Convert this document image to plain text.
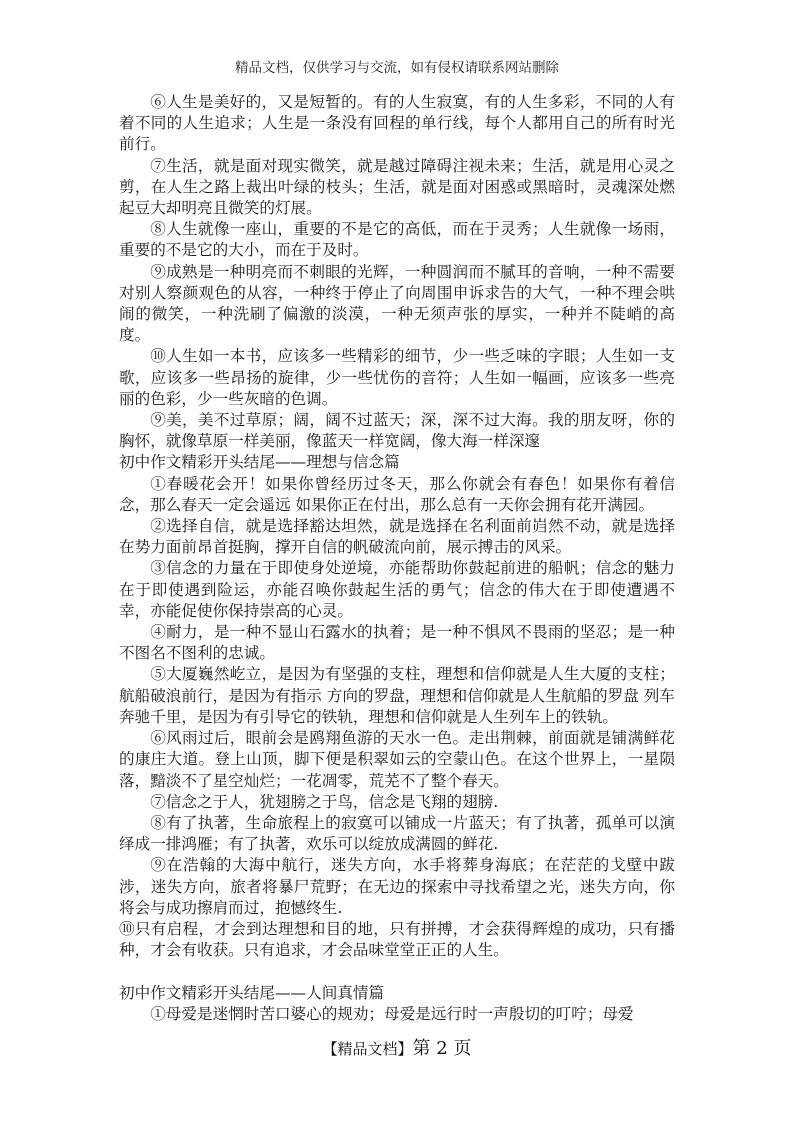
精品文档，仅供学习与交流，如有侵权请联系网站删除

⑥人生是美好的，又是短暂的。有的人生寂寞，有的人生多彩，不同的人有着不同的人生追求；人生是一条没有回程的单行线，每个人都用自己的所有时光前行。

⑦生活，就是面对现实微笑，就是越过障碍注视未来；生活，就是用心灵之剪，在人生之路上裁出叶绿的枝头；生活，就是面对困惑或黑暗时，灵魂深处燃起豆大却明亮且微笑的灯展。

⑧人生就像一座山，重要的不是它的高低，而在于灵秀；人生就像一场雨，重要的不是它的大小，而在于及时。

⑨成熟是一种明亮而不刺眼的光辉，一种圆润而不腻耳的音响，一种不需要对别人察颜观色的从容，一种终于停止了向周围申诉求告的大气，一种不理会哄闹的微笑，一种洗刷了偏激的淡漠，一种无须声张的厚实，一种并不陡峭的高度。

⑩人生如一本书，应该多一些精彩的细节，少一些乏味的字眼；人生如一支歌，应该多一些昂扬的旋律，少一些忧伤的音符；人生如一幅画，应该多一些亮丽的色彩，少一些灰暗的色调。

⑨美，美不过草原；阔，阔不过蓝天；深，深不过大海。我的朋友呀，你的胸怀，就像草原一样美丽，像蓝天一样宽阔，像大海一样深邃

初中作文精彩开头结尾——理想与信念篇

①春暖花会开！如果你曾经历过冬天，那么你就会有春色！如果你有着信念，那么春天一定会遥远 如果你正在付出，那么总有一天你会拥有花开满园。

②选择自信，就是选择豁达坦然，就是选择在名利面前岿然不动，就是选择在势力面前昂首挺胸，撑开自信的帆破流向前，展示搏击的风采。

③信念的力量在于即使身处逆境，亦能帮助你鼓起前进的船帆；信念的魅力在于即使遇到险运，亦能召唤你鼓起生活的勇气；信念的伟大在于即使遭遇不幸，亦能促使你保持崇高的心灵。

④耐力，是一种不显山石露水的执着；是一种不惧风不畏雨的坚忍；是一种不图名不图利的忠诚。

⑤大厦巍然屹立，是因为有坚强的支柱，理想和信仰就是人生大厦的支柱；航船破浪前行，是因为有指示 方向的罗盘，理想和信仰就是人生航船的罗盘 列车奔驰千里，是因为有引导它的铁轨，理想和信仰就是人生列车上的铁轨。

⑥风雨过后，眼前会是鸥翔鱼游的天水一色。走出荆棘，前面就是铺满鲜花的康庄大道。登上山顶，脚下便是积翠如云的空蒙山色。在这个世界上，一星陨落，黯淡不了星空灿烂；一花凋零，荒芜不了整个春天。

⑦信念之于人，犹翅膀之于鸟，信念是飞翔的翅膀.

⑧有了执著，生命旅程上的寂寞可以铺成一片蓝天；有了执著，孤单可以演绎成一排鸿雁；有了执著，欢乐可以绽放成满圆的鲜花.

⑨在浩翰的大海中航行，迷失方向，水手将葬身海底；在茫茫的戈壁中跋涉，迷失方向，旅者将暴尸荒野；在无边的探索中寻找希望之光，迷失方向，你将会与成功擦肩而过，抱憾终生.

⑩只有启程，才会到达理想和目的地，只有拼搏，才会获得辉煌的成功，只有播种，才会有收获。只有追求，才会品味堂堂正正的人生。

初中作文精彩开头结尾——人间真情篇

①母爱是迷惘时苦口婆心的规劝；母爱是远行时一声殷切的叮咛；母爱

【精品文档】第 2 页
